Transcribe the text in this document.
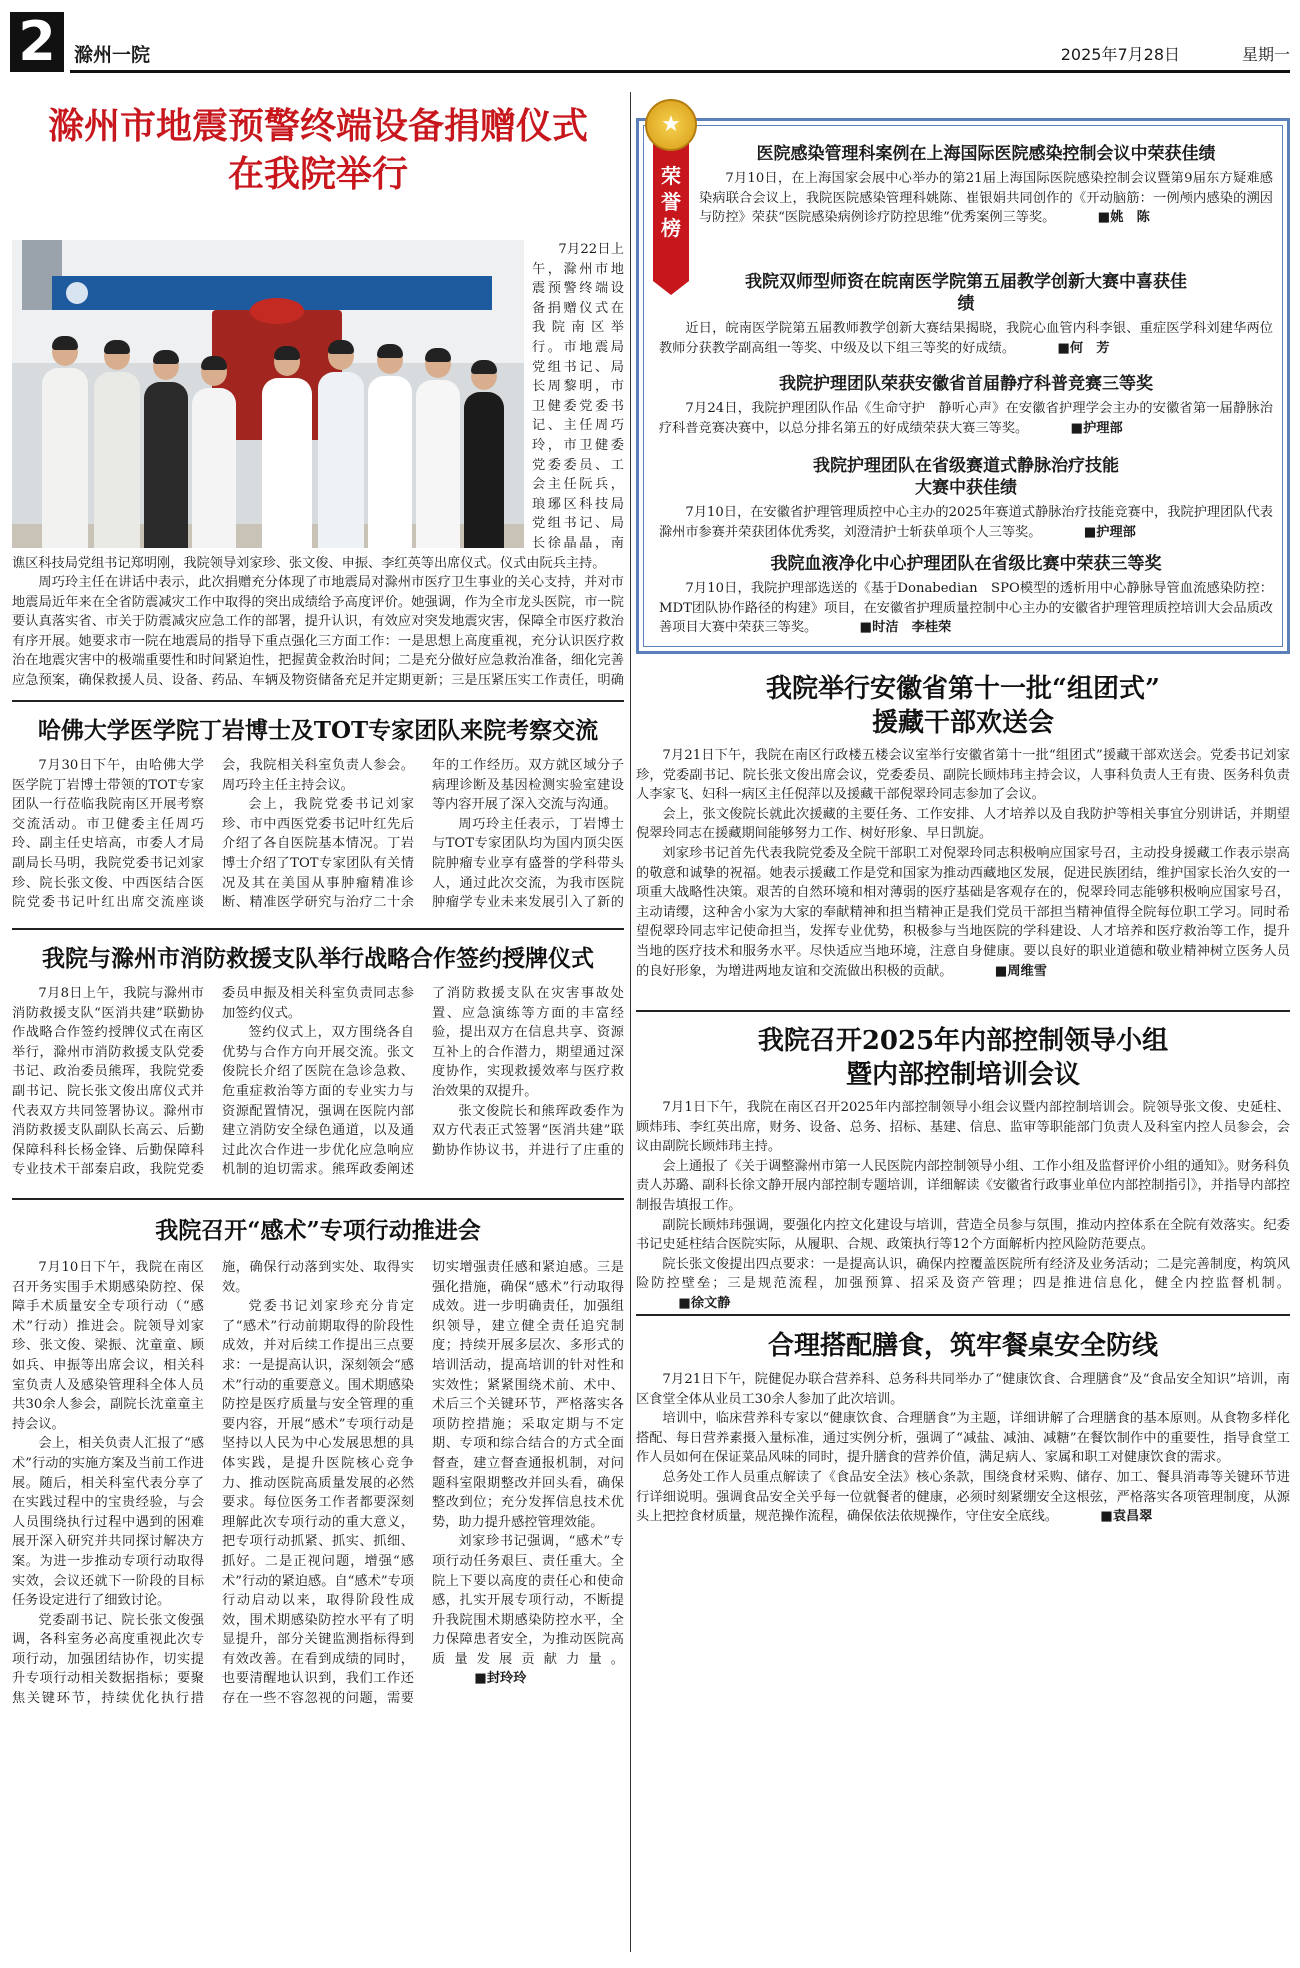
2 滁州一院	2025年7月28日	星期一
滁州市地震预警终端设备捐赠仪式
在我院举行

7月22日上午，滁州市地震预警终端设备捐赠仪式在我院南区举行。市地震局党组书记、局长周黎明，市卫健委党委书记、主任周巧玲，市卫健委党委委员、工会主任阮兵，琅琊区科技局党组书记、局长徐晶晶，南谯区科技局党组书记郑明刚，我院领导刘家珍、张文俊、申振、李红英等出席仪式。仪式由阮兵主持。

周巧玲主任在讲话中表示，此次捐赠充分体现了市地震局对滁州市医疗卫生事业的关心支持，并对市地震局近年来在全省防震减灾工作中取得的突出成绩给予高度评价。她强调，作为全市龙头医院，市一院要认真落实省、市关于防震减灾应急工作的部署，提升认识，有效应对突发地震灾害，保障全市医疗救治有序开展。她要求市一院在地震局的指导下重点强化三方面工作：一是思想上高度重视，充分认识医疗救治在地震灾害中的极端重要性和时间紧迫性，把握黄金救治时间；二是充分做好应急救治准备，细化完善应急预案，确保救援人员、设备、药品、车辆及物资储备充足并定期更新；三是压紧压实工作责任，明确

★
荣誉榜
医院感染管理科案例在上海国际医院感染控制会议中荣获佳绩

7月10日，在上海国家会展中心举办的第21届上海国际医院感染控制会议暨第9届东方疑难感染病联合会议上，我院医院感染管理科姚陈、崔银娟共同创作的《开动脑筋：一例颅内感染的溯因与防控》荣获“医院感染病例诊疗防控思维”优秀案例三等奖。	■姚　陈

我院双师型师资在皖南医学院第五届教学创新大赛中喜获佳绩

近日，皖南医学院第五届教师教学创新大赛结果揭晓，我院心血管内科李银、重症医学科刘建华两位教师分获教学副高组一等奖、中级及以下组三等奖的好成绩。	■何　芳

我院护理团队荣获安徽省首届静疗科普竞赛三等奖

7月24日，我院护理团队作品《生命守护　静听心声》在安徽省护理学会主办的安徽省第一届静脉治疗科普竞赛决赛中，以总分排名第五的好成绩荣获大赛三等奖。	■护理部

我院护理团队在省级赛道式静脉治疗技能大赛中获佳绩

7月10日，在安徽省护理管理质控中心主办的2025年赛道式静脉治疗技能竞赛中，我院护理团队代表滁州市参赛并荣获团体优秀奖，刘澄清护士斩获单项个人三等奖。	■护理部

我院血液净化中心护理团队在省级比赛中荣获三等奖

7月10日，我院护理部选送的《基于Donabedian　SPO模型的透析用中心静脉导管血流感染防控：MDT团队协作路径的构建》项目，在安徽省护理质量控制中心主办的安徽省护理管理质控培训大会品质改善项目大赛中荣获三等奖。	■时洁　李桂荣

我院举行安徽省第十一批“组团式”
援藏干部欢送会

7月21日下午，我院在南区行政楼五楼会议室举行安徽省第十一批“组团式”援藏干部欢送会。党委书记刘家珍，党委副书记、院长张文俊出席会议，党委委员、副院长顾炜玮主持会议，人事科负责人王有贵、医务科负责人李家飞、妇科一病区主任倪萍以及援藏干部倪翠玲同志参加了会议。

会上，张文俊院长就此次援藏的主要任务、工作安排、人才培养以及自我防护等相关事宜分别讲话，并期望倪翠玲同志在援藏期间能够努力工作、树好形象、早日凯旋。

刘家珍书记首先代表我院党委及全院干部职工对倪翠玲同志积极响应国家号召，主动投身援藏工作表示崇高的敬意和诚挚的祝福。她表示援藏工作是党和国家为推动西藏地区发展，促进民族团结，维护国家长治久安的一项重大战略性决策。艰苦的自然环境和相对薄弱的医疗基础是客观存在的，倪翠玲同志能够积极响应国家号召，主动请缨，这种舍小家为大家的奉献精神和担当精神正是我们党员干部担当精神值得全院每位职工学习。同时希望倪翠玲同志牢记使命担当，发挥专业优势，积极参与当地医院的学科建设、人才培养和医疗救治等工作，提升当地的医疗技术和服务水平。尽快适应当地环境，注意自身健康。要以良好的职业道德和敬业精神树立医务人员的良好形象，为增进两地友谊和交流做出积极的贡献。	■周维雪

我院召开2025年内部控制领导小组
暨内部控制培训会议

7月1日下午，我院在南区召开2025年内部控制领导小组会议暨内部控制培训会。院领导张文俊、史延柱、顾炜玮、李红英出席，财务、设备、总务、招标、基建、信息、监审等职能部门负责人及科室内控人员参会，会议由副院长顾炜玮主持。

会上通报了《关于调整滁州市第一人民医院内部控制领导小组、工作小组及监督评价小组的通知》。财务科负责人苏璐、副科长徐文静开展内部控制专题培训，详细解读《安徽省行政事业单位内部控制指引》，并指导内部控制报告填报工作。

副院长顾炜玮强调，要强化内控文化建设与培训，营造全员参与氛围，推动内控体系在全院有效落实。纪委书记史延柱结合医院实际，从履职、合规、政策执行等12个方面解析内控风险防范要点。

院长张文俊提出四点要求：一是提高认识，确保内控覆盖医院所有经济及业务活动；二是完善制度，构筑风险防控壁垒；三是规范流程，加强预算、招采及资产管理；四是推进信息化，健全内控监督机制。■徐文静

合理搭配膳食，筑牢餐桌安全防线

7月21日下午，院健促办联合营养科、总务科共同举办了“健康饮食、合理膳食”及“食品安全知识”培训，南区食堂全体从业员工30余人参加了此次培训。

培训中，临床营养科专家以“健康饮食、合理膳食”为主题，详细讲解了合理膳食的基本原则。从食物多样化搭配、每日营养素摄入量标准，通过实例分析，强调了“减盐、减油、减糖”在餐饮制作中的重要性，指导食堂工作人员如何在保证菜品风味的同时，提升膳食的营养价值，满足病人、家属和职工对健康饮食的需求。

总务处工作人员重点解读了《食品安全法》核心条款，围绕食材采购、储存、加工、餐具消毒等关键环节进行详细说明。强调食品安全关乎每一位就餐者的健康，必须时刻紧绷安全这根弦，严格落实各项管理制度，从源头上把控食材质量，规范操作流程，确保依法依规操作，守住安全底线。	■袁昌翠

哈佛大学医学院丁岩博士及TOT专家团队来院考察交流

7月30日下午，由哈佛大学医学院丁岩博士带领的TOT专家团队一行莅临我院南区开展考察交流活动。市卫健委主任周巧玲、副主任史培高，市委人才局副局长马明，我院党委书记刘家珍、院长张文俊、中西医结合医院党委书记叶红出席交流座谈会，我院相关科室负责人参会。周巧玲主任主持会议。

会上，我院党委书记刘家珍、市中西医党委书记叶红先后介绍了各自医院基本情况。丁岩博士介绍了TOT专家团队有关情况及其在美国从事肿瘤精准诊断、精准医学研究与治疗二十余年的工作经历。双方就区域分子病理诊断及基因检测实验室建设等内容开展了深入交流与沟通。

周巧玲主任表示，丁岩博士与TOT专家团队均为国内顶尖医院肿瘤专业享有盛誉的学科带头人，通过此次交流，为我市医院肿瘤学专业未来发展引入了新的

我院与滁州市消防救援支队举行战略合作签约授牌仪式

7月8日上午，我院与滁州市消防救援支队“医消共建”联勤协作战略合作签约授牌仪式在南区举行，滁州市消防救援支队党委书记、政治委员熊珲，我院党委副书记、院长张文俊出席仪式并代表双方共同签署协议。滁州市消防救援支队副队长高云、后勤保障科科长杨金锋、后勤保障科专业技术干部秦启政，我院党委委员申振及相关科室负责同志参加签约仪式。

签约仪式上，双方围绕各自优势与合作方向开展交流。张文俊院长介绍了医院在急诊急救、危重症救治等方面的专业实力与资源配置情况，强调在医院内部建立消防安全绿色通道，以及通过此次合作进一步优化应急响应机制的迫切需求。熊珲政委阐述了消防救援支队在灾害事故处置、应急演练等方面的丰富经验，提出双方在信息共享、资源互补上的合作潜力，期望通过深度协作，实现救援效率与医疗救治效果的双提升。

张文俊院长和熊珲政委作为双方代表正式签署“医消共建”联勤协作协议书，并进行了庄重的

我院召开“感术”专项行动推进会

7月10日下午，我院在南区召开务实围手术期感染防控、保障手术质量安全专项行动（“感术”行动）推进会。院领导刘家珍、张文俊、梁振、沈童童、顾如兵、申振等出席会议，相关科室负责人及感染管理科全体人员共30余人参会，副院长沈童童主持会议。

会上，相关负责人汇报了“感术”行动的实施方案及当前工作进展。随后，相关科室代表分享了在实践过程中的宝贵经验，与会人员围绕执行过程中遇到的困难展开深入研究并共同探讨解决方案。为进一步推动专项行动取得实效，会议还就下一阶段的目标任务设定进行了细致讨论。

党委副书记、院长张文俊强调，各科室务必高度重视此次专项行动，加强团结协作，切实提升专项行动相关数据指标；要聚焦关键环节，持续优化执行措施，确保行动落到实处、取得实效。

党委书记刘家珍充分肯定了“感术”行动前期取得的阶段性成效，并对后续工作提出三点要求：一是提高认识，深刻领会“感术”行动的重要意义。围术期感染防控是医疗质量与安全管理的重要内容，开展“感术”专项行动是坚持以人民为中心发展思想的具体实践，是提升医院核心竞争力、推动医院高质量发展的必然要求。每位医务工作者都要深刻理解此次专项行动的重大意义，把专项行动抓紧、抓实、抓细、抓好。二是正视问题，增强“感术”行动的紧迫感。自“感术”专项行动启动以来，取得阶段性成效，围术期感染防控水平有了明显提升，部分关键监测指标得到有效改善。在看到成绩的同时，也要清醒地认识到，我们工作还存在一些不容忽视的问题，需要切实增强责任感和紧迫感。三是强化措施，确保“感术”行动取得成效。进一步明确责任，加强组织领导，建立健全责任追究制度；持续开展多层次、多形式的培训活动，提高培训的针对性和实效性；紧紧围绕术前、术中、术后三个关键环节，严格落实各项防控措施；采取定期与不定期、专项和综合结合的方式全面督查，建立督查通报机制，对问题科室限期整改并回头看，确保整改到位；充分发挥信息技术优势，助力提升感控管理效能。

刘家珍书记强调，“感术”专项行动任务艰巨、责任重大。全院上下要以高度的责任心和使命感，扎实开展专项行动，不断提升我院围术期感染防控水平，全力保障患者安全，为推动医院高质量发展贡献力量。■封玲玲
